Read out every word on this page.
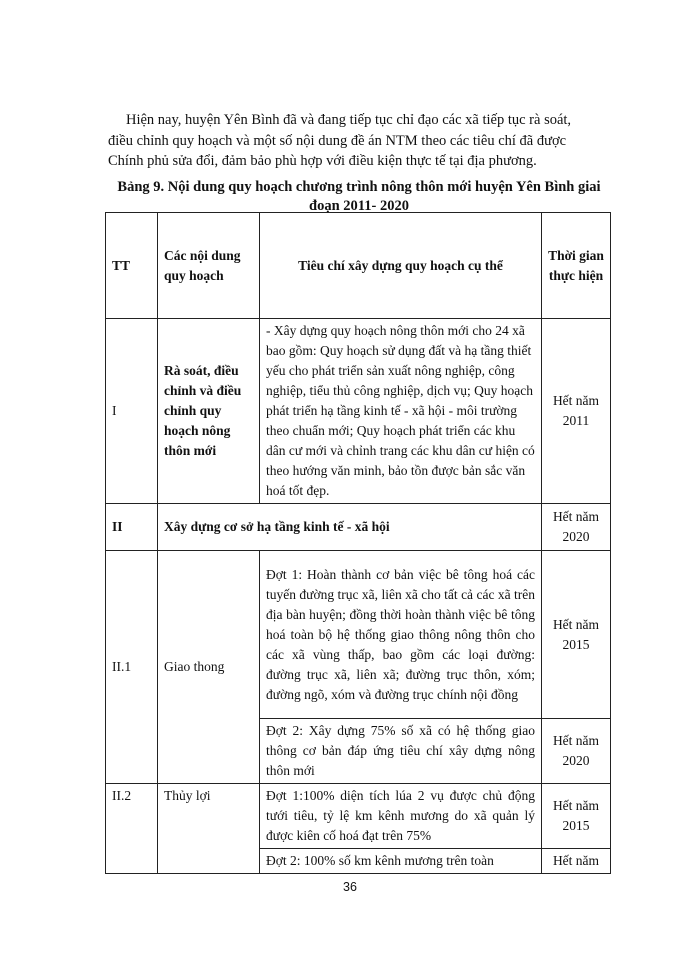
Hiện nay, huyện Yên Bình đã và đang tiếp tục chỉ đạo các xã tiếp tục rà soát,
điều chỉnh quy hoạch và một số nội dung đề án NTM theo các tiêu chí đã được
Chính phủ sửa đổi, đảm bảo phù hợp với điều kiện thực tế tại địa phương.
Bảng 9. Nội dung quy hoạch chương trình nông thôn mới huyện Yên Bình giai
đoạn 2011- 2020
TT	Các nội dung quy hoạch	Tiêu chí xây dựng quy hoạch cụ thể	Thời gian thực hiện
I	Rà soát, điều chỉnh và điều chỉnh quy hoạch nông thôn mới	- Xây dựng quy hoạch nông thôn mới cho 24 xã bao gồm: Quy hoạch sử dụng đất và hạ tầng thiết yếu cho phát triển sản xuất nông nghiệp, công nghiệp, tiểu thủ công nghiệp, dịch vụ; Quy hoạch phát triển hạ tầng kinh tế - xã hội - môi trường theo chuẩn mới; Quy hoạch phát triển các khu dân cư mới và chỉnh trang các khu dân cư hiện có theo hướng văn minh, bảo tồn được bản sắc văn hoá tốt đẹp.	Hết năm 2011
II	Xây dựng cơ sở hạ tầng kinh tế - xã hội		Hết năm 2020
II.1	Giao thong	Đợt 1: Hoàn thành cơ bản việc bê tông hoá các tuyến đường trục xã, liên xã cho tất cả các xã trên địa bàn huyện; đồng thời hoàn thành việc bê tông hoá toàn bộ hệ thống giao thông nông thôn cho các xã vùng thấp, bao gồm các loại đường: đường trục xã, liên xã; đường trục thôn, xóm; đường ngõ, xóm và đường trục chính nội đồng	Hết năm 2015
		Đợt 2: Xây dựng 75% số xã có hệ thống giao thông cơ bản đáp ứng tiêu chí xây dựng nông thôn mới	Hết năm 2020
II.2	Thủy lợi	Đợt 1:100% diện tích lúa 2 vụ được chủ động tưới tiêu, tỷ lệ km kênh mương do xã quản lý được kiên cố hoá đạt trên 75%	Hết năm 2015
		Đợt 2: 100% số km kênh mương trên toàn	Hết năm
36
